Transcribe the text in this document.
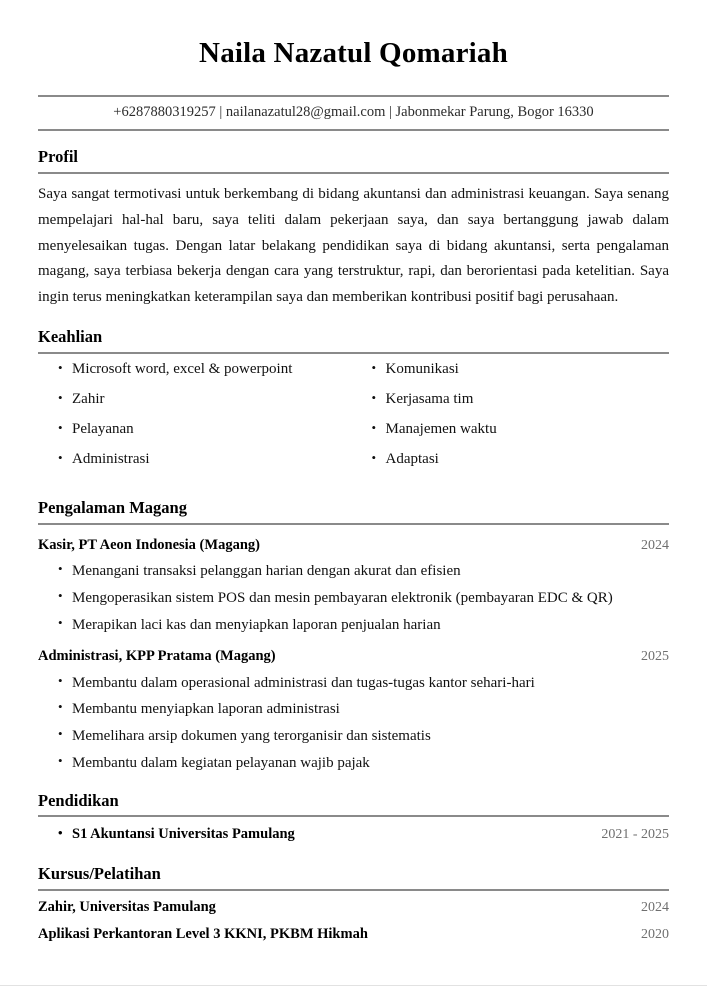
Naila Nazatul Qomariah
+6287880319257 | nailanazatul28@gmail.com | Jabonmekar Parung, Bogor 16330
Profil

Saya sangat termotivasi untuk berkembang di bidang akuntansi dan administrasi keuangan. Saya senang mempelajari hal-hal baru, saya teliti dalam pekerjaan saya, dan saya bertanggung jawab dalam menyelesaikan tugas. Dengan latar belakang pendidikan saya di bidang akuntansi, serta pengalaman magang, saya terbiasa bekerja dengan cara yang terstruktur, rapi, dan berorientasi pada ketelitian. Saya ingin terus meningkatkan keterampilan saya dan memberikan kontribusi positif bagi perusahaan.

Keahlian
• Microsoft word, excel & powerpoint
• Zahir
• Pelayanan
• Administrasi
• Komunikasi
• Kerjasama tim
• Manajemen waktu
• Adaptasi
Pengalaman Magang
Kasir, PT Aeon Indonesia (Magang)	2024
• Menangani transaksi pelanggan harian dengan akurat dan efisien
• Mengoperasikan sistem POS dan mesin pembayaran elektronik (pembayaran EDC & QR)
• Merapikan laci kas dan menyiapkan laporan penjualan harian
Administrasi, KPP Pratama (Magang)	2025
• Membantu dalam operasional administrasi dan tugas-tugas kantor sehari-hari
• Membantu menyiapkan laporan administrasi
• Memelihara arsip dokumen yang terorganisir dan sistematis
• Membantu dalam kegiatan pelayanan wajib pajak
Pendidikan
• S1 Akuntansi Universitas Pamulang	2021 - 2025
Kursus/Pelatihan
Zahir, Universitas Pamulang	2024
Aplikasi Perkantoran Level 3 KKNI, PKBM Hikmah	2020
